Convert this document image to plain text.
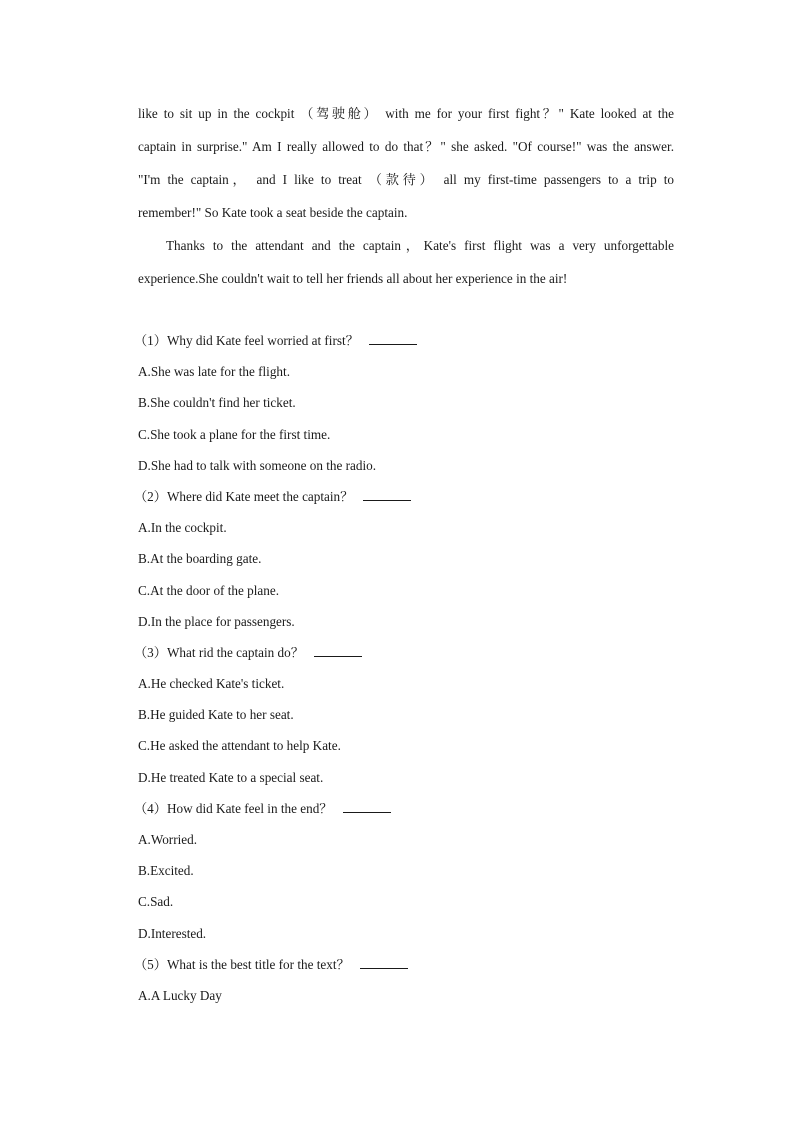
like to sit up in the cockpit （驾驶舱） with me for your first fight？" Kate looked at the
captain in surprise." Am I really allowed to do that？" she asked. "Of course!" was the answer.
"I'm the captain， and I like to treat （款待） all my first-time passengers to a trip to
remember!" So Kate took a seat beside the captain.

Thanks to the attendant and the captain，Kate's first flight was a very unforgettable
experience.She couldn't wait to tell her friends all about her experience in the air!

（1）Why did Kate feel worried at first？
A.She was late for the flight.
B.She couldn't find her ticket.
C.She took a plane for the first time.
D.She had to talk with someone on the radio.
（2）Where did Kate meet the captain？
A.In the cockpit.
B.At the boarding gate.
C.At the door of the plane.
D.In the place for passengers.
（3）What rid the captain do？
A.He checked Kate's ticket.
B.He guided Kate to her seat.
C.He asked the attendant to help Kate.
D.He treated Kate to a special seat.
（4）How did Kate feel in the end？
A.Worried.
B.Excited.
C.Sad.
D.Interested.
（5）What is the best title for the text？
A.A Lucky Day
